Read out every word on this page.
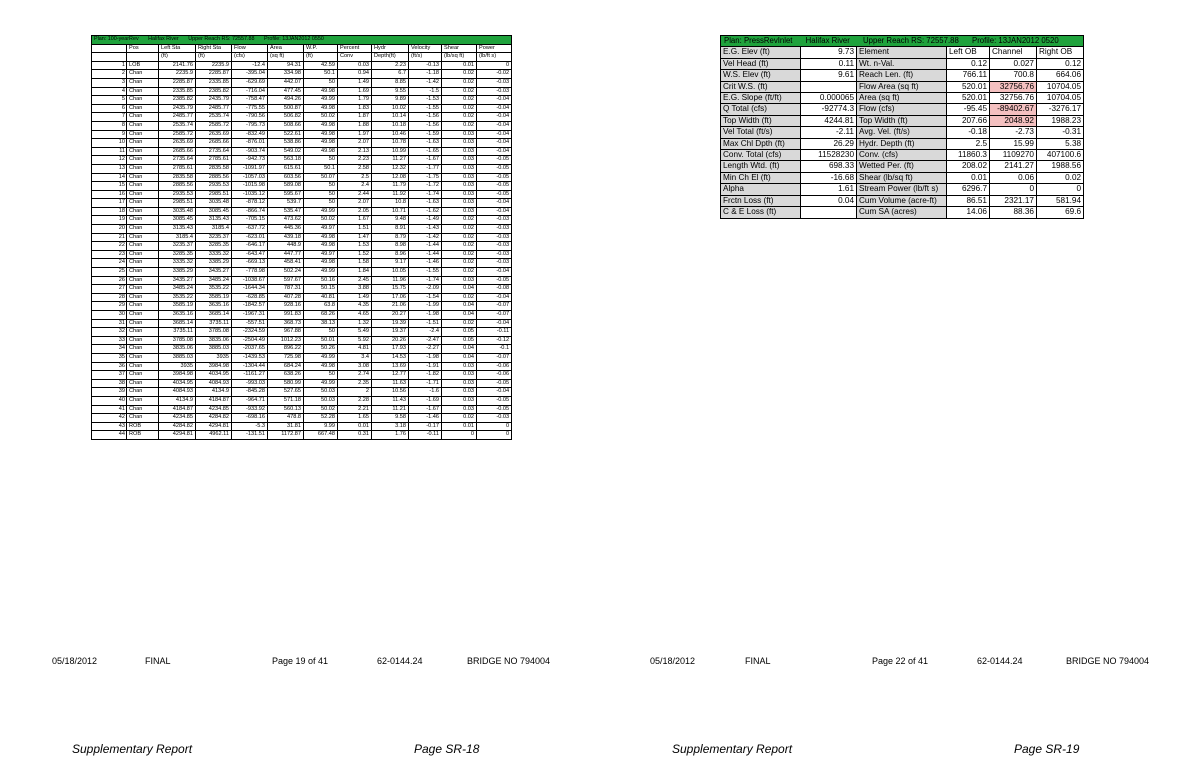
Plan: 100-yearRev Halifax River Upper Reach RS: 72557.88 Profile: 13JAN2012 0550											
	Pos	Left Sta	Right Sta	Flow	Area	W.P.	Percent	Hydr	Velocity	Shear	Power
		(ft)	(ft)	(cfs)	(sq ft)	(ft)	Conv	Depth(ft)	(ft/s)	(lb/sq ft)	(lb/ft s)
1	LOB	2141.76	2235.9	-12.4	94.31	42.59	0.03	2.23	-0.13	0.01	0
2	Chan	2235.9	2285.87	-395.04	334.98	50.1	0.94	6.7	-1.18	0.02	-0.02
3	Chan	2285.87	2335.85	-629.69	442.07	50	1.49	8.85	-1.42	0.02	-0.03
4	Chan	2335.85	2385.82	-716.04	477.45	49.98	1.69	9.55	-1.5	0.02	-0.03
5	Chan	2385.82	2435.79	-758.47	494.26	49.99	1.79	9.89	-1.53	0.02	-0.04
6	Chan	2435.79	2485.77	-775.55	500.87	49.98	1.83	10.02	-1.55	0.02	-0.04
7	Chan	2485.77	2535.74	-790.56	506.82	50.02	1.87	10.14	-1.56	0.02	-0.04
8	Chan	2535.74	2585.72	-795.73	508.66	49.98	1.88	10.18	-1.56	0.02	-0.04
9	Chan	2585.72	2635.69	-832.49	522.61	49.98	1.97	10.46	-1.59	0.03	-0.04
10	Chan	2635.69	2685.66	-876.01	538.86	49.98	2.07	10.78	-1.63	0.03	-0.04
11	Chan	2685.66	2735.64	-903.74	549.02	49.98	2.13	10.99	-1.65	0.03	-0.04
12	Chan	2735.64	2785.61	-942.73	563.18	50	2.23	11.27	-1.67	0.03	-0.05
13	Chan	2785.61	2835.58	-1091.97	615.61	50.1	2.58	12.32	-1.77	0.03	-0.05
14	Chan	2835.58	2885.56	-1057.03	603.56	50.07	2.5	12.08	-1.75	0.03	-0.05
15	Chan	2885.56	2935.53	-1015.98	589.08	50	2.4	11.79	-1.72	0.03	-0.05
16	Chan	2935.53	2985.51	-1035.12	595.67	50	2.44	11.92	-1.74	0.03	-0.05
17	Chan	2985.51	3035.48	-878.12	539.7	50	2.07	10.8	-1.63	0.03	-0.04
18	Chan	3035.48	3085.45	-866.74	535.47	49.99	2.05	10.71	-1.62	0.03	-0.04
19	Chan	3085.45	3135.43	-705.15	473.62	50.02	1.67	9.48	-1.49	0.02	-0.03
20	Chan	3135.43	3185.4	-637.72	445.36	49.97	1.51	8.91	-1.43	0.02	-0.03
21	Chan	3185.4	3235.37	-623.01	439.18	49.98	1.47	8.79	-1.42	0.02	-0.03
22	Chan	3235.37	3285.35	-646.17	448.9	49.98	1.53	8.98	-1.44	0.02	-0.03
23	Chan	3285.35	3335.32	-643.47	447.77	49.97	1.52	8.96	-1.44	0.02	-0.03
24	Chan	3335.32	3385.29	-669.13	458.41	49.98	1.58	9.17	-1.46	0.02	-0.03
25	Chan	3385.29	3435.27	-778.98	502.24	49.99	1.84	10.05	-1.55	0.02	-0.04
26	Chan	3435.27	3485.24	-1038.67	597.67	50.16	2.45	11.96	-1.74	0.03	-0.05
27	Chan	3485.24	3535.22	-1644.34	787.31	50.15	3.88	15.75	-2.09	0.04	-0.08
28	Chan	3535.22	3585.19	-628.85	407.28	40.81	1.49	17.06	-1.54	0.02	-0.04
29	Chan	3585.19	3635.16	-1842.57	928.16	63.8	4.35	21.06	-1.99	0.04	-0.07
30	Chan	3635.16	3685.14	-1967.31	991.83	68.26	4.65	20.27	-1.98	0.04	-0.07
31	Chan	3685.14	3735.11	-557.51	368.73	38.13	1.32	19.39	-1.51	0.02	-0.04
32	Chan	3735.11	3785.08	-2324.59	967.88	50	5.49	19.37	-2.4	0.05	-0.11
33	Chan	3785.08	3835.06	-2504.49	1012.23	50.01	5.92	20.26	-2.47	0.05	-0.12
34	Chan	3835.06	3885.03	-2037.65	896.22	50.26	4.81	17.93	-2.27	0.04	-0.1
35	Chan	3885.03	3935	-1439.53	725.98	49.99	3.4	14.53	-1.98	0.04	-0.07
36	Chan	3935	3984.98	-1304.44	684.24	49.98	3.08	13.69	-1.91	0.03	-0.06
37	Chan	3984.98	4034.95	-1161.27	638.26	50	2.74	12.77	-1.82	0.03	-0.06
38	Chan	4034.95	4084.93	-993.03	580.99	49.99	2.35	11.63	-1.71	0.03	-0.05
39	Chan	4084.93	4134.9	-845.28	527.65	50.03	2	10.56	-1.6	0.03	-0.04
40	Chan	4134.9	4184.87	-964.71	571.18	50.03	2.28	11.43	-1.69	0.03	-0.05
41	Chan	4184.87	4234.85	-933.92	560.13	50.02	2.21	11.21	-1.67	0.03	-0.05
42	Chan	4234.85	4284.82	-698.16	478.8	52.28	1.65	9.58	-1.46	0.02	-0.03
43	ROB	4284.82	4294.81	-5.3	31.81	9.99	0.01	3.18	-0.17	0.01	0
44	ROB	4294.81	4962.11	-131.51	1172.87	667.48	0.31	1.76	-0.11	0	0
05/18/2012	FINAL	Page 19 of 41	62-0144.24	BRIDGE NO 794004
Supplementary Report	Page SR-18
Plan: PressRevInlet Halifax River Upper Reach RS: 72557.88 Profile: 13JAN2012 0520					
E.G. Elev (ft)	9.73	Element	Left OB	Channel	Right OB
Vel Head (ft)	0.11	Wt. n-Val.	0.12	0.027	0.12
W.S. Elev (ft)	9.61	Reach Len. (ft)	766.11	700.8	664.06
Crit W.S. (ft)		Flow Area (sq ft)	520.01	32756.76	10704.05
E.G. Slope (ft/ft)	0.000065	Area (sq ft)	520.01	32756.76	10704.05
Q Total (cfs)	-92774.3	Flow (cfs)	-95.45	-89402.67	-3276.17
Top Width (ft)	4244.81	Top Width (ft)	207.66	2048.92	1988.23
Vel Total (ft/s)	-2.11	Avg. Vel. (ft/s)	-0.18	-2.73	-0.31
Max Chl Dpth (ft)	26.29	Hydr. Depth (ft)	2.5	15.99	5.38
Conv. Total (cfs)	11528230	Conv. (cfs)	11860.3	1109270	407100.6
Length Wtd. (ft)	698.33	Wetted Per. (ft)	208.02	2141.27	1988.56
Min Ch El (ft)	-16.68	Shear (lb/sq ft)	0.01	0.06	0.02
Alpha	1.61	Stream Power (lb/ft s)	6296.7	0	0
Frctn Loss (ft)	0.04	Cum Volume (acre-ft)	86.51	2321.17	581.94
C & E Loss (ft)		Cum SA (acres)	14.06	88.36	69.6
05/18/2012	FINAL	Page 22 of 41	62-0144.24	BRIDGE NO 794004
Supplementary Report	Page SR-19
